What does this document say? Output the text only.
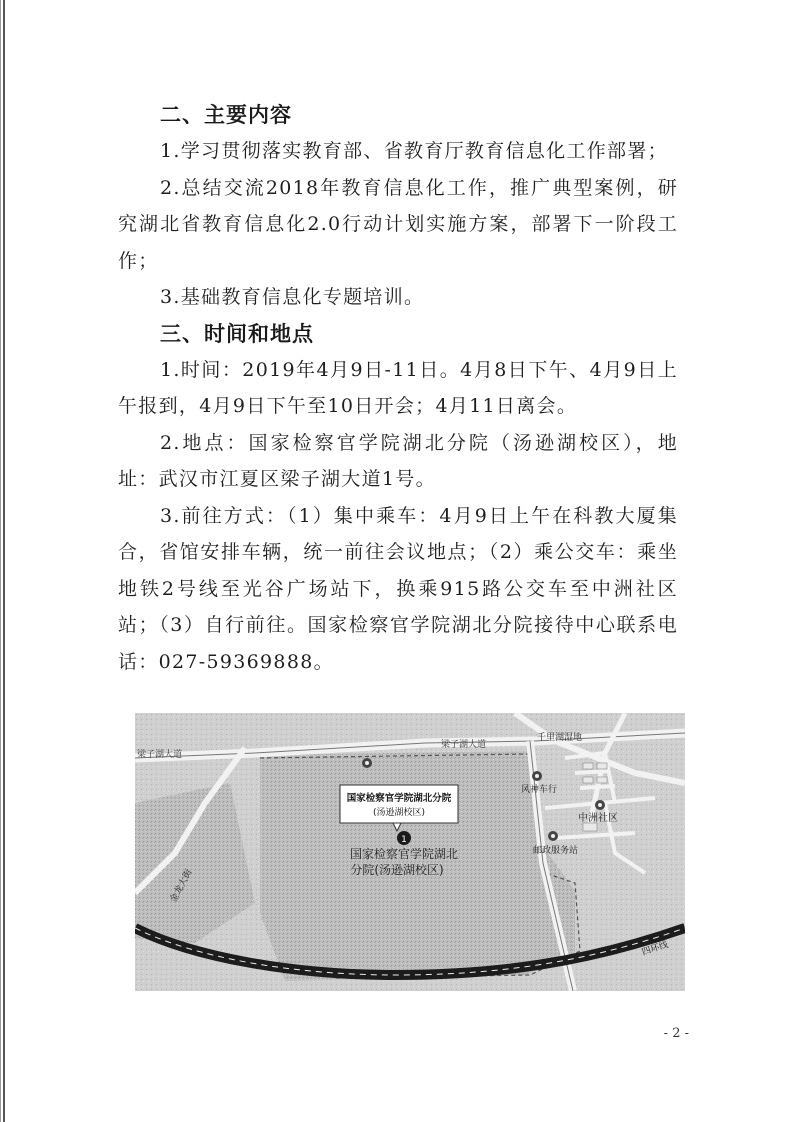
二、主要内容

1.学习贯彻落实教育部、省教育厅教育信息化工作部署；

2.总结交流2018年教育信息化工作，推广典型案例，研究湖北省教育信息化2.0行动计划实施方案，部署下一阶段工作；

3.基础教育信息化专题培训。

三、时间和地点

1.时间：2019年4月9日-11日。4月8日下午、4月9日上午报到，4月9日下午至10日开会；4月11日离会。

2.地点：国家检察官学院湖北分院（汤逊湖校区），地址：武汉市江夏区梁子湖大道1号。

3.前往方式：（1）集中乘车：4月9日上午在科教大厦集合，省馆安排车辆，统一前往会议地点；（2）乘公交车：乘坐地铁2号线至光谷广场站下，换乘915路公交车至中洲社区站；（3）自行前往。国家检察官学院湖北分院接待中心联系电话：027-59369888。

国家检察官学院湖北分院
(汤逊湖校区)
1
国家检察官学院湖北
分院(汤逊湖校区)
梁子湖大道
梁子湖大道
金龙大街
四环线
千里湖湿地
风神车行
中洲社区
邮政服务站
- 2 -
